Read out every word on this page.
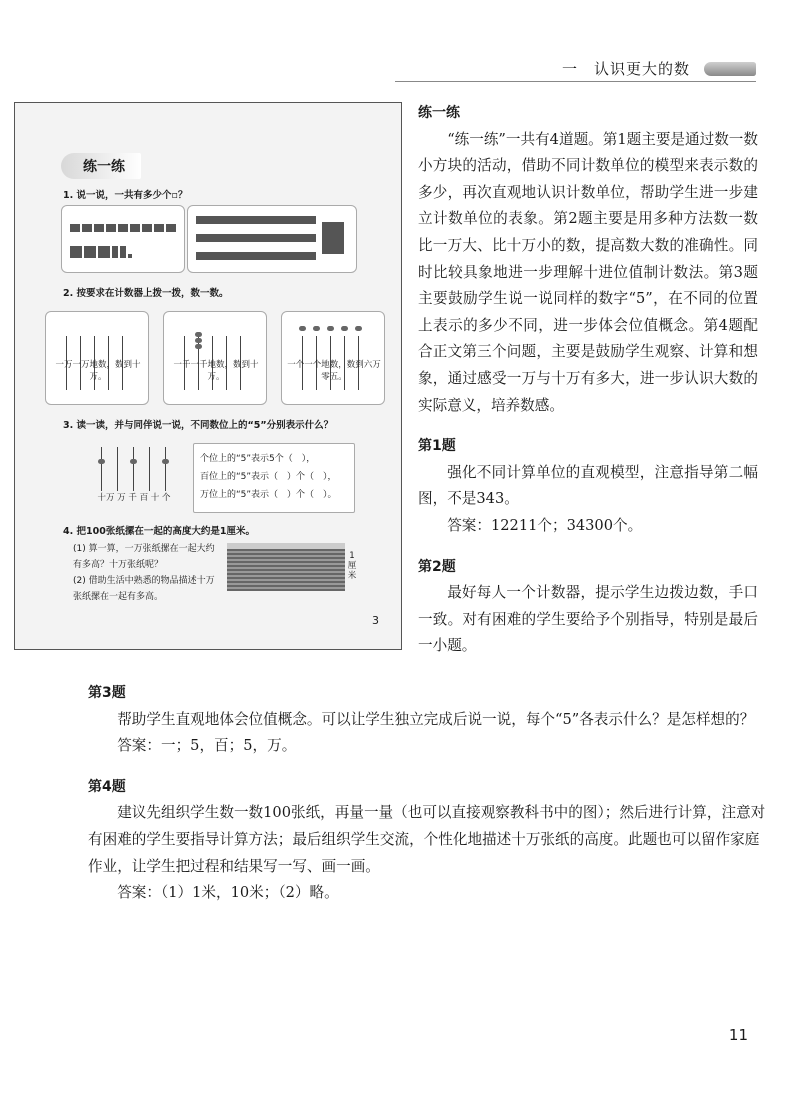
一　认识更大的数
练一练
1. 说一说，一共有多少个▫？
2. 按要求在计数器上拨一拨，数一数。
一万一万地数，数到十万。
一千一千地数，数到十万。
一个一个地数，数到六万零五。
3. 读一读，并与同伴说一说，不同数位上的“5”分别表示什么？
十万 万 千 百 十 个
个位上的“5”表示5个（　），
百位上的“5”表示（　）个（　），
万位上的“5”表示（　）个（　）。
4. 把100张纸摞在一起的高度大约是1厘米。
(1) 算一算，一万张纸摞在一起大约有多高？十万张纸呢？
(2) 借助生活中熟悉的物品描述十万张纸摞在一起有多高。
1厘米
3
练一练

“练一练”一共有4道题。第1题主要是通过数一数小方块的活动，借助不同计数单位的模型来表示数的多少，再次直观地认识计数单位，帮助学生进一步建立计数单位的表象。第2题主要是用多种方法数一数比一万大、比十万小的数，提高数大数的准确性。同时比较具象地进一步理解十进位值制计数法。第3题主要鼓励学生说一说同样的数字“5”，在不同的位置上表示的多少不同，进一步体会位值概念。第4题配合正文第三个问题，主要是鼓励学生观察、计算和想象，通过感受一万与十万有多大，进一步认识大数的实际意义，培养数感。

第1题

强化不同计算单位的直观模型，注意指导第二幅图，不是343。

答案：12211个；34300个。

第2题

最好每人一个计数器，提示学生边拨边数，手口一致。对有困难的学生要给予个别指导，特别是最后一小题。

第3题

帮助学生直观地体会位值概念。可以让学生独立完成后说一说，每个“5”各表示什么？是怎样想的？

答案：一；5，百；5，万。

第4题

建议先组织学生数一数100张纸，再量一量（也可以直接观察教科书中的图）；然后进行计算，注意对有困难的学生要指导计算方法；最后组织学生交流，个性化地描述十万张纸的高度。此题也可以留作家庭作业，让学生把过程和结果写一写、画一画。

答案：（1）1米，10米；（2）略。

11
